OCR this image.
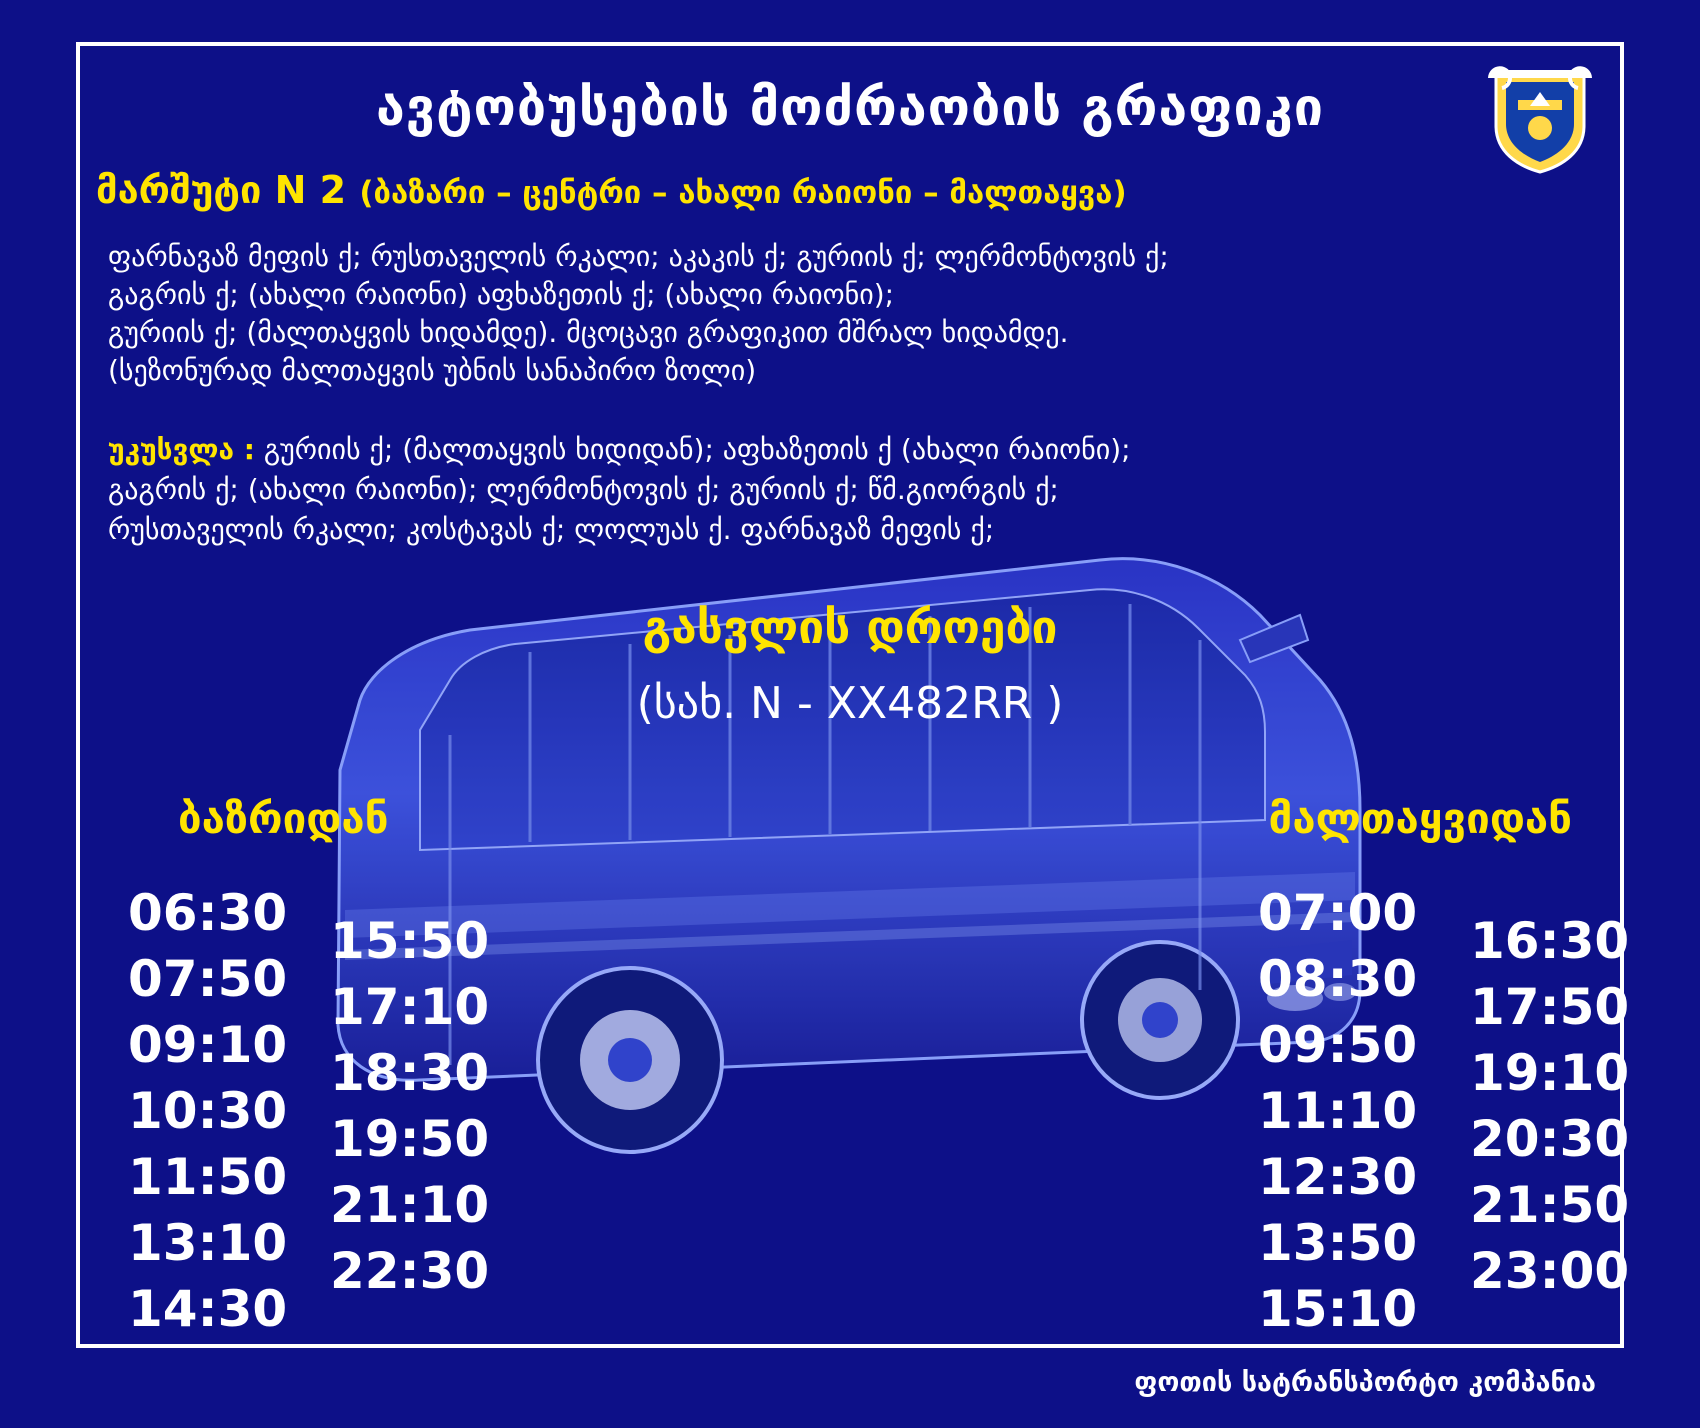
ავტობუსების მოძრაობის გრაფიკი
მარშუტი N 2 (ბაზარი – ცენტრი – ახალი რაიონი – მალთაყვა)
ფარნავაზ მეფის ქ; რუსთაველის რკალი; აკაკის ქ; გურიის ქ; ლერმონტოვის ქ;
გაგრის ქ; (ახალი რაიონი) აფხაზეთის ქ; (ახალი რაიონი);
გურიის ქ; (მალთაყვის ხიდამდე). მცოცავი გრაფიკით მშრალ ხიდამდე.
(სეზონურად მალთაყვის უბნის სანაპირო ზოლი)
უკუსვლა : გურიის ქ; (მალთაყვის ხიდიდან); აფხაზეთის ქ (ახალი რაიონი);
გაგრის ქ; (ახალი რაიონი); ლერმონტოვის ქ; გურიის ქ; წმ.გიორგის ქ;
რუსთაველის რკალი; კოსტავას ქ; ლოლუას ქ. ფარნავაზ მეფის ქ;
გასვლის დროები
(სახ. N - XX482RR )
ბაზრიდან	მალთაყვიდან
06:30
07:50
09:10
10:30
11:50
13:10
14:30
15:50
17:10
18:30
19:50
21:10
22:30
07:00
08:30
09:50
11:10
12:30
13:50
15:10
16:30
17:50
19:10
20:30
21:50
23:00
ფოთის სატრანსპორტო კომპანია
